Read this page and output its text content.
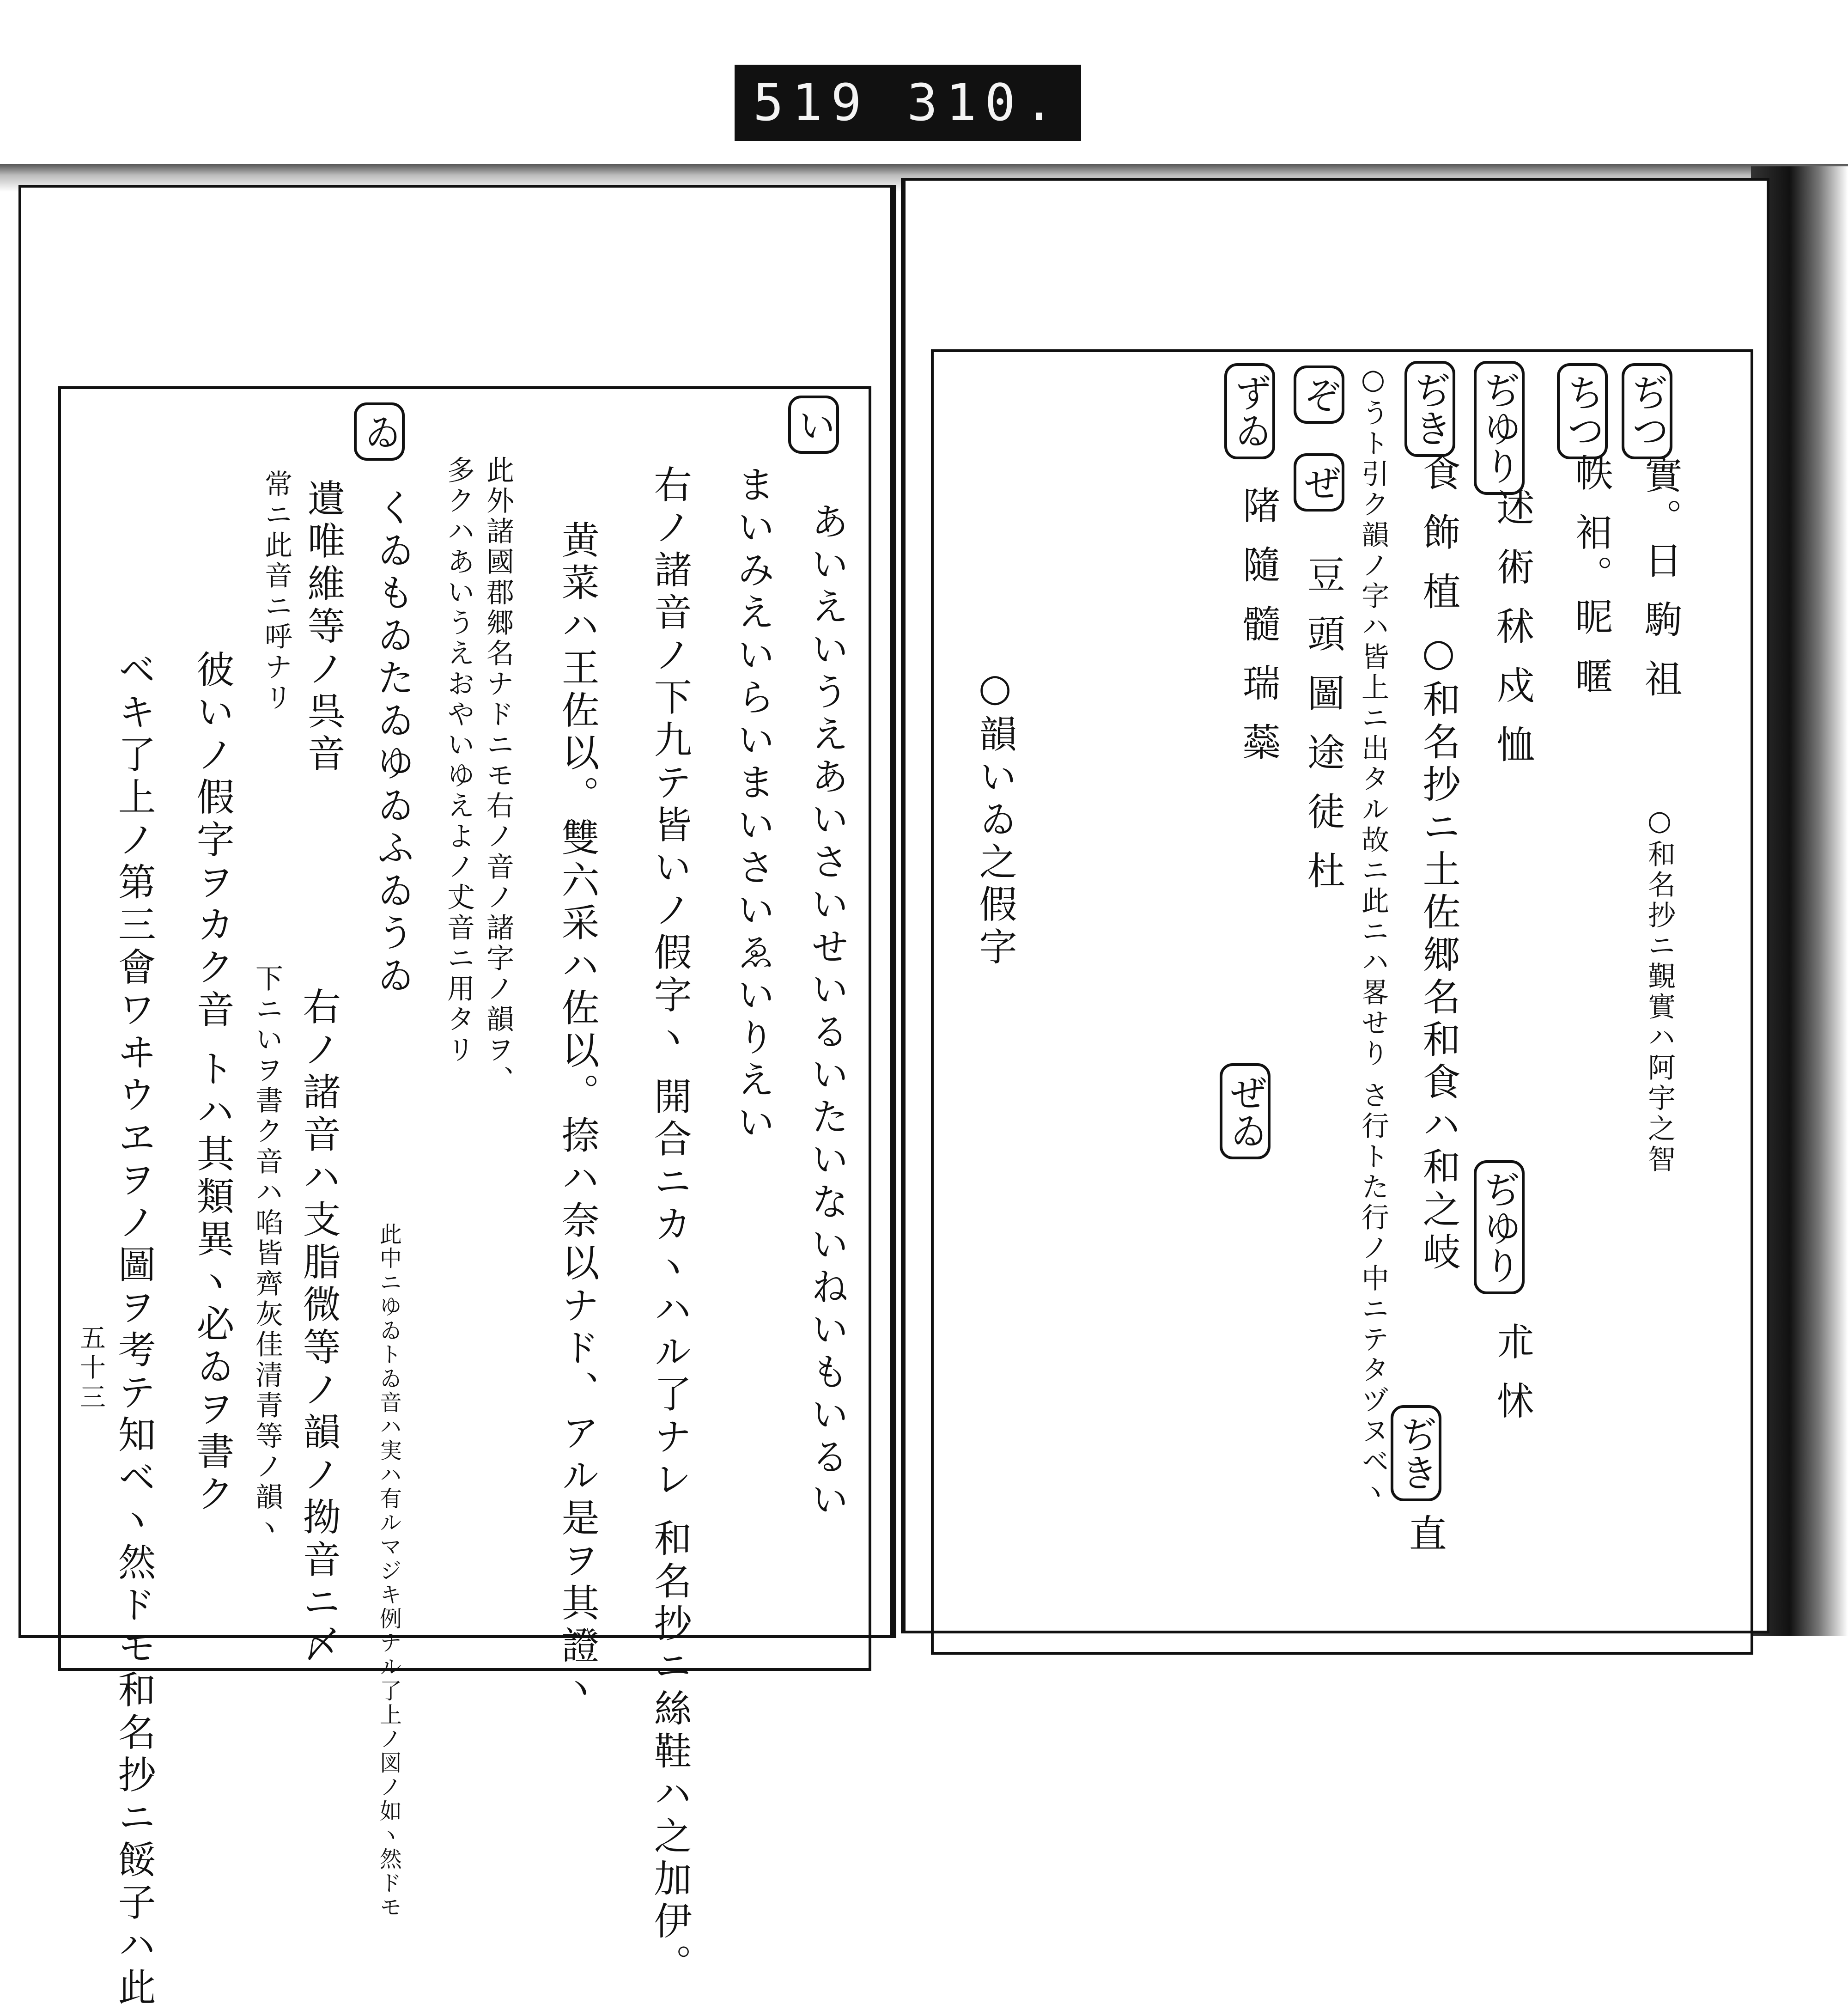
519 310.
い
あいえいうえあいさいせいるいたいないねいもいるい
まいみえいらいまいさいゑいりえい
右ノ諸音ノ下九テ皆いノ假字ヽ 開合ニカヽハル了ナレ 和名抄ニ絲鞋ハ之加伊。
黄菜ハ王佐以。雙六采ハ佐以。捺ハ奈以ナド、アル是ヲ其證ヽ
此外諸國郡郷名ナドニモ右ノ音ノ諸字ノ韻ヲ、
多クハあいうえおやいゆえよノ𠀋音ニ用タリ
ゐ
くゐもゐたゐゆゐふゐうゐ
遺唯維等ノ呉音
常ニ此音ニ呼ナリ
右ノ諸音ハ支脂微等ノ韻ノ拗音ニ〆 此中ニゆゐトゐ音ハ実ハ有ルマジキ例ナル了上ノ図ノ如ヽ然ドモ
下ニいヲ書ク音ハ啗皆齊灰佳清青等ノ韻ヽ
彼いノ假字ヲカク音 トハ其類異ヽ必ゐヲ書ク
ベキ了上ノ第三會ワヰウヱヲノ圖ヲ考テ知ベヽ然ドモ和名抄ニ餒子ハ此
五十三
ぢつ
實。日 駒 祖
○和名抄ニ覲實ハ阿宇之智
ちつ
帙 衵。昵 暱
ぢゆり
述 術 秫 戍 恤
ぢき
食 飾 植 ○和名抄ニ土佐郷名和食ハ和之岐
○うト引ク韻ノ字ハ皆上ニ出タル故ニ此ニハ畧せり さ行トた行ノ中ニテタヅヌベヽ
ぞ
ぜ
豆 頭 圖 途 徒 杜
ずゐ
陼 隨 髓 瑞 蘂
ぜゐ
○韻いゐ之假字
ぢゆり
朮 怵
ぢき
直
